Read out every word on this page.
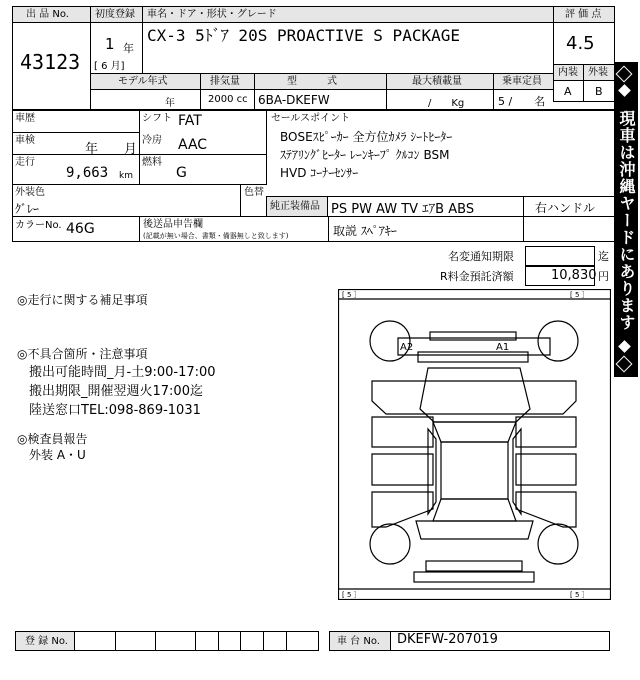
出 品 No.
43123
初度登録
1 年
[ 6 月]
車名・ドア・形状・グレード
CX-3 5ﾄﾞｱ 20S PROACTIVE S PACKAGE
評 価 点
4.5
内装 外装
A B
モデル年式	排気量	型　　　式	最大積載量	乗車定員
年	2000 cc 6BA-DKEFW	/　　Kg	5 /　　名
車歴
車検
年　　月
走行
9,663 km
シフト FAT
冷房 AAC
燃料
G
セールスポイント
BOSEｽﾋﾟｰｶｰ 全方位ｶﾒﾗ ｼｰﾄﾋｰﾀｰ
ｽﾃｱﾘﾝｸﾞﾋｰﾀｰ ﾚｰﾝｷｰﾌﾟ ｸﾙｺﾝ BSM
HVD ｺｰﾅｰｾﾝｻｰ
外装色
ｸﾞﾚｰ
色替
カラーNo. 46G	後送品申告欄
(記載が無い場合、書類・備器無しと致します)
純正装備品 PS PW AW TV ｴｱB ABS	右ハンドル
取説 ｽﾍﾟｱｷｰ
名変通知期限	迄
R料金預託済額	10,830 円
◎走行に関する補足事項
◎不具合箇所・注意事項
搬出可能時間_月-土9:00-17:00
搬出期限_開催翌週火17:00迄
陸送窓口TEL:098-869-1031
◎検査員報告
外装 A・U
[ 5 ］	[ 5 ］
[ 5 ］	[ 5 ］
A2	A1
現車は沖縄ヤードにあります
登 録 No.	車 台 No. DKEFW-207019
